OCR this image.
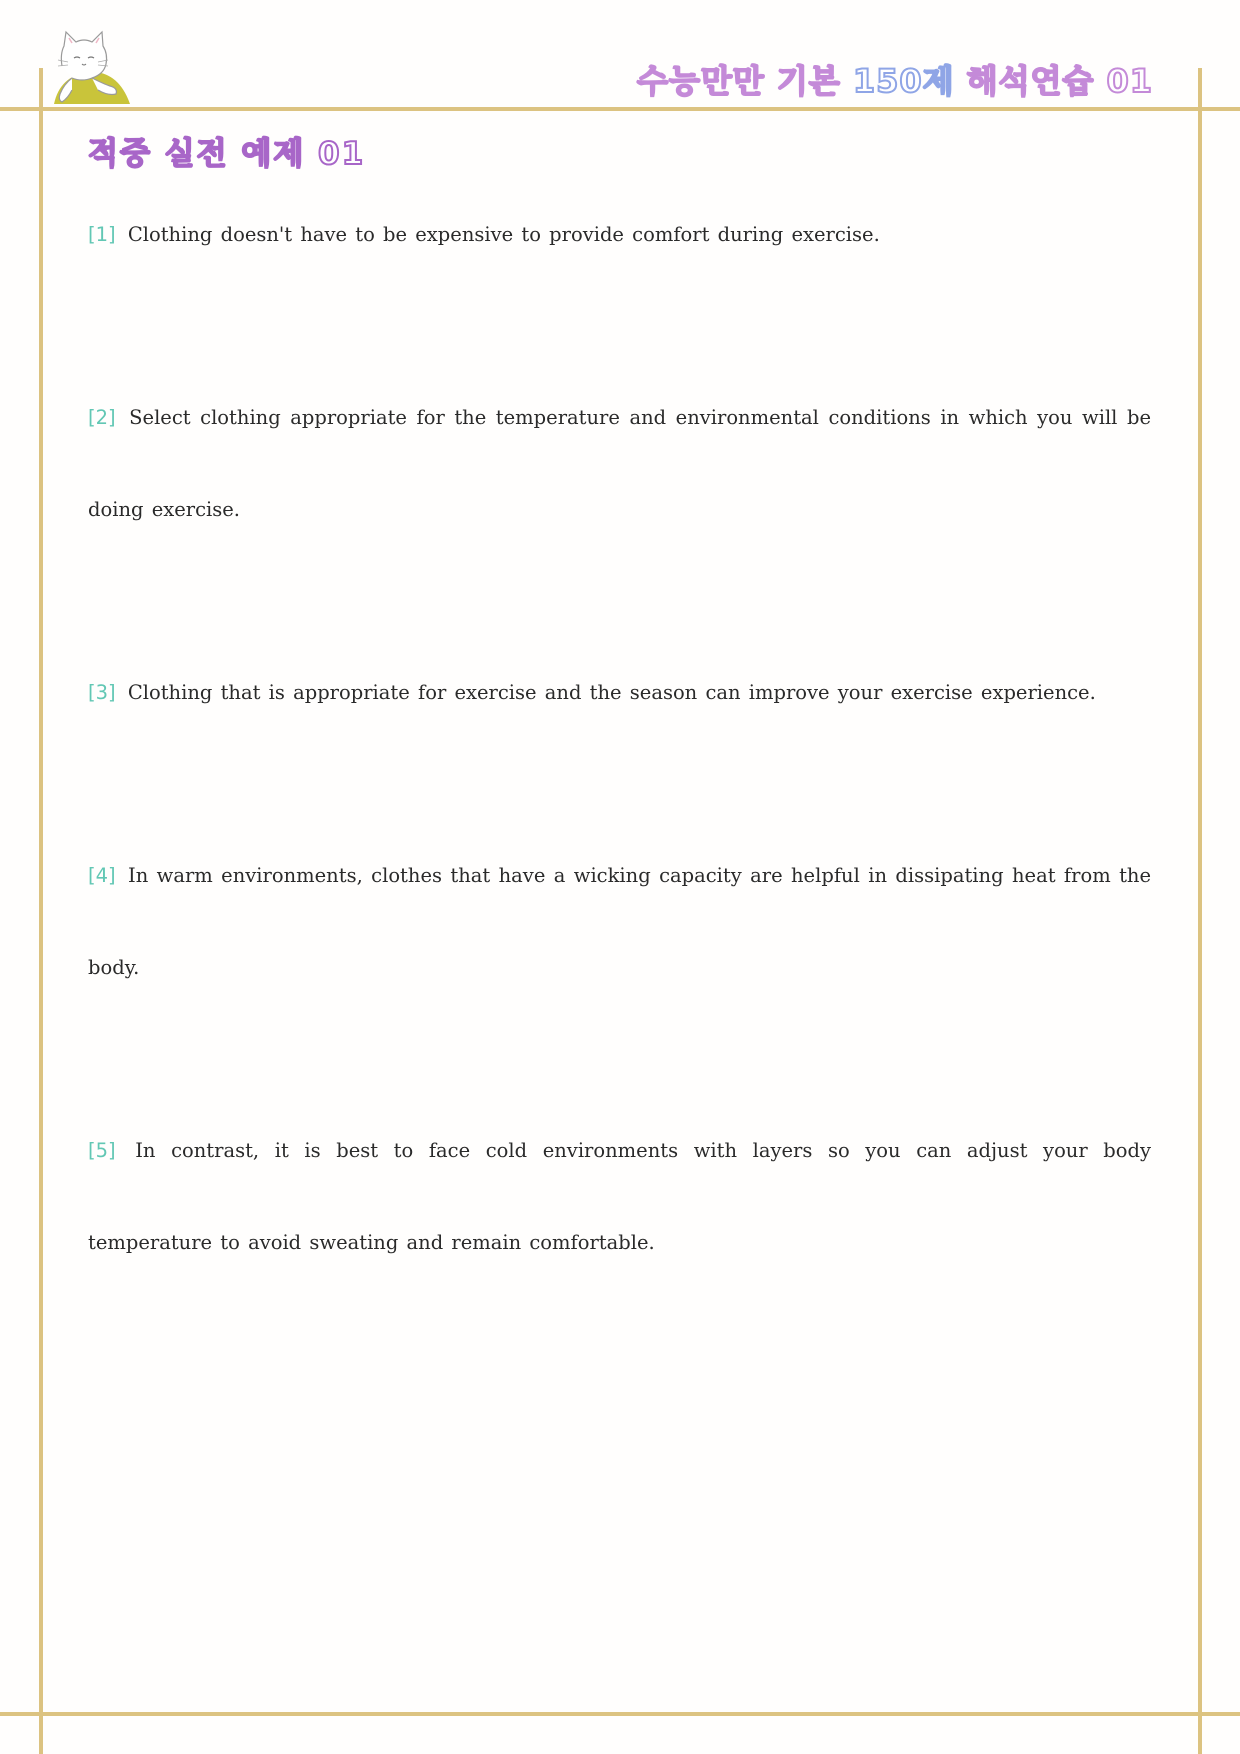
수능만만 기본 150제 해석연습 01
적중 실전 예제 01

[1] Clothing doesn't have to be expensive to provide comfort during exercise.

[2] Select clothing appropriate for the temperature and environmental conditions in which you will be doing exercise.

[3] Clothing that is appropriate for exercise and the season can improve your exercise experience.

[4] In warm environments, clothes that have a wicking capacity are helpful in dissipating heat from the body.

[5] In contrast, it is best to face cold environments with layers so you can adjust your body temperature to avoid sweating and remain comfortable.
